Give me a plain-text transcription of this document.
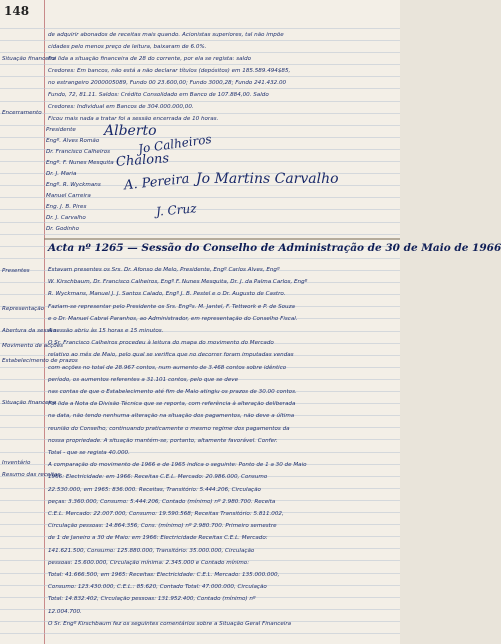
148
Situação financeira
Encerramento
de adquirir abonados de receitas mais quando. Acionistas superiores, tal não impõe
cidades pelo menos preço de leitura, baixaram de 6.0%.
Foi lida a situação financeira de 28 do corrente, por ela se regista: saldo
Credores: Em bancos, não está a não declarar títulos (depósitos) em 185.589.494$85,
no estrangeiro 2000005089, Fundo 00 23.600,00; Fundo 3000,28; Fundo 241.432.00
Fundo, 72, 81.11. Saldos: Crédito Consolidado em Banco de 107.884,00. Saldo
Credores: Individual em Bancos de 304.000.000,00.
Ficou mais nada a tratar foi a sessão encerrada de 10 horas.
Presidente
Engº. Alves Romão
Dr. Francisco Calheiros
Engº. F. Nunes Mesquita
Dr. J. Maria
Engº. R. Wyckmans
Manuel Carreira
Eng. J. B. Pires
Dr. J. Carvalho
Dr. Godinho
Alberto
Jo Calheiros
Chalons
A. Pereira Jo Martins Carvalho
J. Cruz
Acta nº 1265 — Sessão do Conselho de Administração de 30 de Maio de 1966
Presentes
Representação
Abertura da sessão
Movimento de acções
Estabelecimento de prazos
Situação financeira
Inventário
Resumo das receitas
Estavam presentes os Srs. Dr. Afonso de Melo, Presidente, Engº Carlos Alves, Engº
W. Kirschbaum, Dr. Francisco Calheiros, Engº F. Nunes Mesquita, Dr. J. da Palma Carlos, Engº
R. Wyckmans, Manuel J. J. Santos Calado, Engº J. B. Pestel e o Dr. Augusto de Castro.
Faziam-se representar pelo Presidente os Srs. Engºs. M. Jantel, F. Tettwork e P. de Souza
e o Dr. Manuel Cabral Paranhos, ao Administrador, em representação do Conselho Fiscal.
A sessão abriu às 15 horas e 15 minutos.
O Sr. Francisco Calheiros procedeu à leitura do mapa do movimento do Mercado
relativo ao mês de Maio, pelo qual se verifica que no decorrer foram imputadas vendas
com acções no total de 28.967 contos, num aumento de 3.468 contos sobre idêntico
período, os aumentos referentes a 31.101 contos, pelo que se deve
nas contas de que o Estabelecimento até fim de Maio atingiu os prazos de 30.00 contos.
Foi lida a Nota da Divisão Técnica que se reporta, com referência à alteração deliberada
na data, não tendo nenhuma alteração na situação dos pagamentos, não deve a última
reunião do Conselho, continuando praticamente o mesmo regime dos pagamentos da
nossa propriedade. A situação mantém-se, portanto, altamente favorável. Confer.
Total - que se regista 40.000.
A comparação do movimento de 1966 e de 1965 indica o seguinte: Ponto de 1 a 30 de Maio
1966: Electricidade: em 1966: Receitas C.E.L. Mercado: 20.986.000, Consumo
22.530.000, em 1965: 836.000. Receitas, Transitório: 5.444.206, Circulação
peças: 3.360.000, Consumo: 5.444.206, Contado (mínimo) nº 2.980.700. Receita
C.E.L. Mercado: 22.007.000, Consumo: 19.590.568; Receitas Transitório: 5.811.002,
Circulação pessoas: 14.864.356, Cons. (mínimo) nº 2.980.700. Primeiro semestre
de 1 de Janeiro a 30 de Maio: em 1966: Electricidade Receitas C.E.L. Mercado:
141.621.500, Consumo: 125.880.000, Transitório: 35.000.000, Circulação
pessoas: 15.600.000, Circulação mínima: 2.345.000 e Contado mínimo:
Total: 41.666.500, em 1965: Receitas: Electricidade: C.E.L. Mercado: 135.000.000,
Consumo: 123.430.000, C.E.L.: 85.620, Contado Total: 47.000.000, Circulação
Total: 14.832.402, Circulação pessoas: 131.952.400, Contado (mínimo) nº
12.004.700.
O Sr. Engº Kirschbaum fez os seguintes comentários sobre a Situação Geral Financeira
